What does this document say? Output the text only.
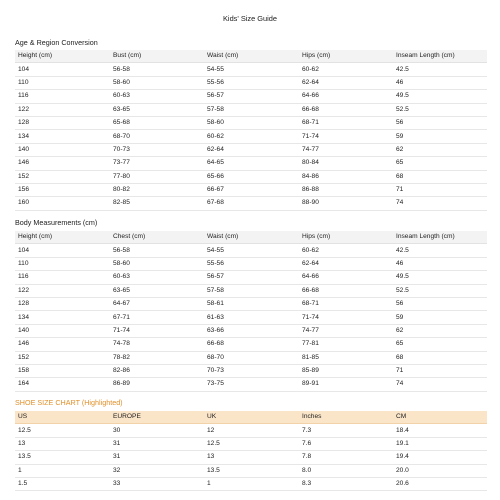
Kids' Size Guide
Age & Region Conversion
Height (cm)	Bust (cm)	Waist (cm)	Hips (cm)	Inseam Length (cm)
104	56-58	54-55	60-62	42.5
110	58-60	55-56	62-64	46
116	60-63	56-57	64-66	49.5
122	63-65	57-58	66-68	52.5
128	65-68	58-60	68-71	56
134	68-70	60-62	71-74	59
140	70-73	62-64	74-77	62
146	73-77	64-65	80-84	65
152	77-80	65-66	84-86	68
156	80-82	66-67	86-88	71
160	82-85	67-68	88-90	74
Body Measurements (cm)
Height (cm)	Chest (cm)	Waist (cm)	Hips (cm)	Inseam Length (cm)
104	56-58	54-55	60-62	42.5
110	58-60	55-56	62-64	46
116	60-63	56-57	64-66	49.5
122	63-65	57-58	66-68	52.5
128	64-67	58-61	68-71	56
134	67-71	61-63	71-74	59
140	71-74	63-66	74-77	62
146	74-78	66-68	77-81	65
152	78-82	68-70	81-85	68
158	82-86	70-73	85-89	71
164	86-89	73-75	89-91	74
SHOE SIZE CHART (Highlighted)
US	EUROPE	UK	Inches	CM
12.5	30	12	7.3	18.4
13	31	12.5	7.6	19.1
13.5	31	13	7.8	19.4
1	32	13.5	8.0	20.0
1.5	33	1	8.3	20.6
